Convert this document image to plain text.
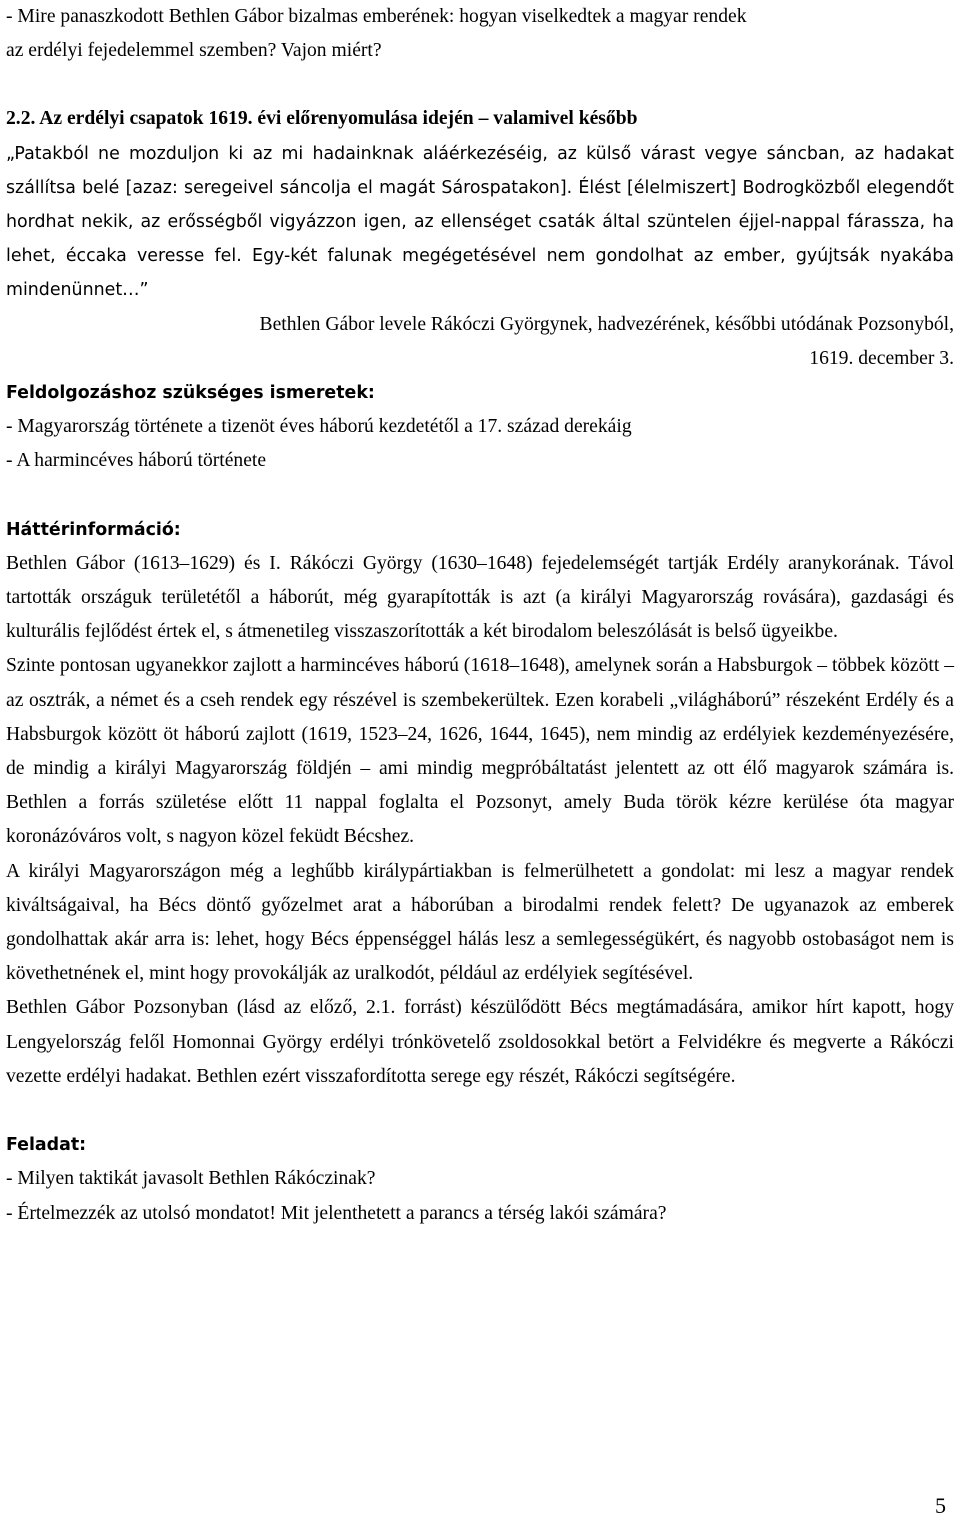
- Mire panaszkodott Bethlen Gábor bizalmas emberének: hogyan viselkedtek a magyar rendek

az erdélyi fejedelemmel szemben? Vajon miért?

2.2. Az erdélyi csapatok 1619. évi előrenyomulása idején – valamivel később

„Patakból ne mozduljon ki az mi hadainknak aláérkezéséig, az külső várast vegye sáncban, az hadakat szállítsa belé [azaz: seregeivel sáncolja el magát Sárospatakon]. Élést [élelmiszert] Bodrogközből elegendőt hordhat nekik, az erősségből vigyázzon igen, az ellenséget csaták által szüntelen éjjel-nappal fárassza, ha lehet, éccaka veresse fel. Egy-két falunak megégetésével nem gondolhat az ember, gyújtsák nyakába mindenünnet…”

Bethlen Gábor levele Rákóczi Györgynek, hadvezérének, későbbi utódának Pozsonyból,

1619. december 3.

Feldolgozáshoz szükséges ismeretek:

- Magyarország története a tizenöt éves háború kezdetétől a 17. század derekáig

- A harmincéves háború története

Háttérinformáció:

Bethlen Gábor (1613–1629) és I. Rákóczi György (1630–1648) fejedelemségét tartják Erdély aranykorának. Távol tartották országuk területétől a háborút, még gyarapították is azt (a királyi Magyarország rovására), gazdasági és kulturális fejlődést értek el, s átmenetileg visszaszorították a két birodalom beleszólását is belső ügyeikbe.

Szinte pontosan ugyanekkor zajlott a harmincéves háború (1618–1648), amelynek során a Habsburgok – többek között – az osztrák, a német és a cseh rendek egy részével is szembekerültek. Ezen korabeli „világháború” részeként Erdély és a Habsburgok között öt háború zajlott (1619, 1523–24, 1626, 1644, 1645), nem mindig az erdélyiek kezdeményezésére, de mindig a királyi Magyarország földjén – ami mindig megpróbáltatást jelentett az ott élő magyarok számára is. Bethlen a forrás születése előtt 11 nappal foglalta el Pozsonyt, amely Buda török kézre kerülése óta magyar koronázóváros volt, s nagyon közel feküdt Bécshez.

A királyi Magyarországon még a leghűbb királypártiakban is felmerülhetett a gondolat: mi lesz a magyar rendek kiváltságaival, ha Bécs döntő győzelmet arat a háborúban a birodalmi rendek felett? De ugyanazok az emberek gondolhattak akár arra is: lehet, hogy Bécs éppenséggel hálás lesz a semlegességükért, és nagyobb ostobaságot nem is követhetnének el, mint hogy provokálják az uralkodót, például az erdélyiek segítésével.

Bethlen Gábor Pozsonyban (lásd az előző, 2.1. forrást) készülődött Bécs megtámadására, amikor hírt kapott, hogy Lengyelország felől Homonnai György erdélyi trónkövetelő zsoldosokkal betört a Felvidékre és megverte a Rákóczi vezette erdélyi hadakat. Bethlen ezért visszafordította serege egy részét, Rákóczi segítségére.

Feladat:

- Milyen taktikát javasolt Bethlen Rákóczinak?

- Értelmezzék az utolsó mondatot! Mit jelenthetett a parancs a térség lakói számára?

5
